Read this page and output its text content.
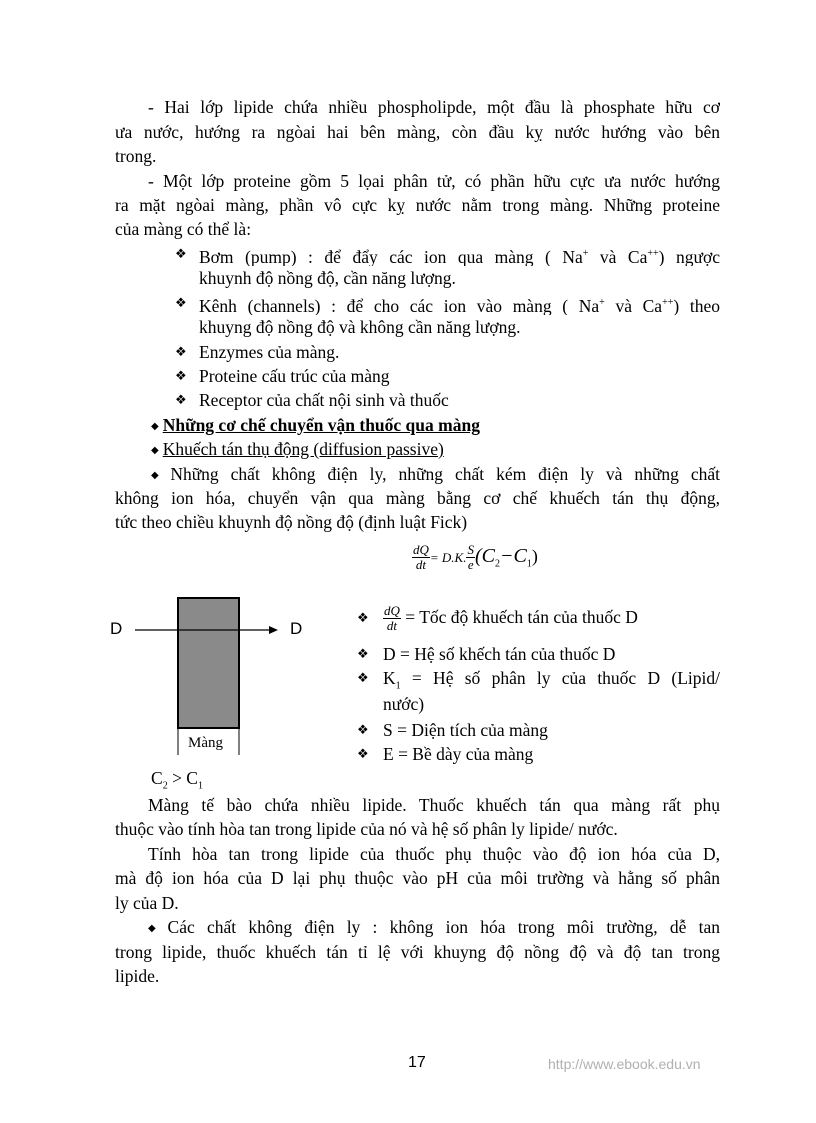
- Hai lớp lipide chứa nhiều phospholipde, một đầu là phosphate hữu cơ
ưa nước, hướng ra ngòai hai bên màng, còn đầu kỵ nước hướng vào bên
trong.
- Một lớp proteine gồm 5 lọai phân tử, có phần hữu cực ưa nước hướng
ra mặt ngòai màng, phần vô cực kỵ nước nằm trong màng. Những proteine
của màng có thể là:
❖ Bơm (pump) : để đẩy các ion qua màng ( Na+ và Ca++) ngược
khuynh độ nồng độ, cần năng lượng.
❖ Kênh (channels) : để cho các ion vào màng ( Na+ và Ca++) theo
khuyng độ nồng độ và không cần năng lượng.
❖ Enzymes của màng.
❖ Proteine cấu trúc của màng
❖ Receptor của chất nội sinh và thuốc
◆ Những cơ chế chuyển vận thuốc qua màng
◆ Khuếch tán thụ động (diffusion passive)
◆ Những chất không điện ly, những chất kém điện ly và những chất
không ion hóa, chuyển vận qua màng bằng cơ chế khuếch tán thụ động,
tức theo chiều khuynh độ nồng độ (định luật Fick)
$\frac{dQ}{dt} = D.K$. $\frac{S}{e} (C_2-C_1)$
D	D
Màng
$C_2 > C_1$
❖ $\frac{dQ}{dt}$ = Tốc độ khuếch tán của thuốc D
❖ D = Hệ số khếch tán của thuốc D
❖ $K_1$ = Hệ số phân ly của thuốc D (Lipid/
nước)
❖ S = Diện tích của màng
❖ E = Bề dày của màng
Màng tế bào chứa nhiều lipide. Thuốc khuếch tán qua màng rất phụ
thuộc vào tính hòa tan trong lipide của nó và hệ số phân ly lipide/ nước.
Tính hòa tan trong lipide của thuốc phụ thuộc vào độ ion hóa của D,
mà độ ion hóa của D lại phụ thuộc vào pH của môi trường và hằng số phân
ly của D.
◆ Các chất không điện ly : không ion hóa trong môi trường, dễ tan
trong lipide, thuốc khuếch tán tỉ lệ với khuyng độ nồng độ và độ tan trong
lipide.
17	http://www.ebook.edu.vn
